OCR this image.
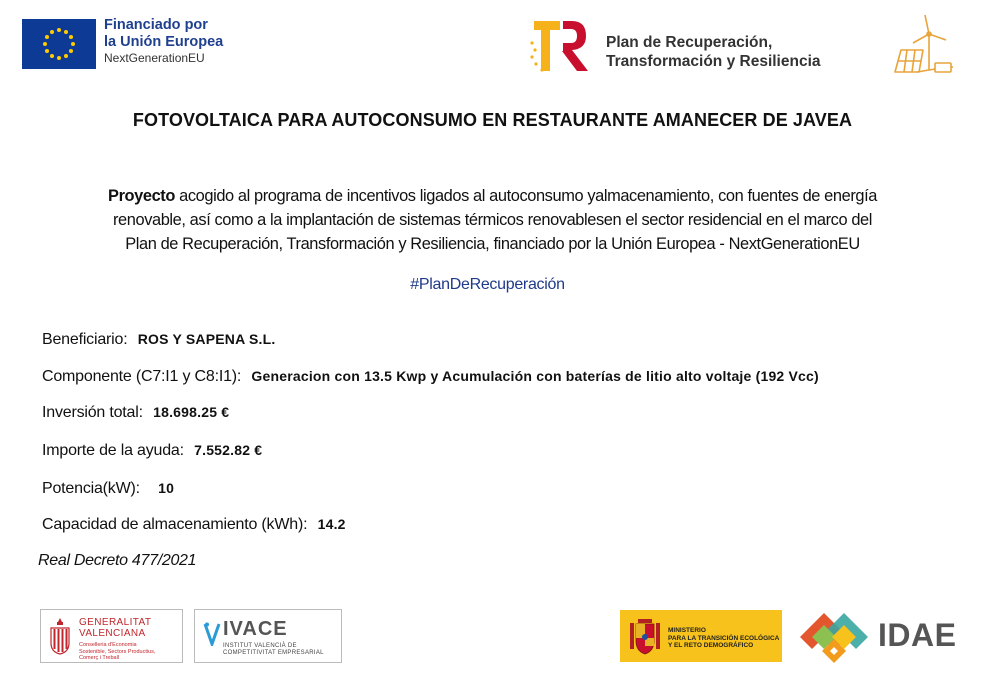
Financiado por
la Unión Europea
NextGenerationEU
Plan de Recuperación,
Transformación y Resiliencia
FOTOVOLTAICA PARA AUTOCONSUMO EN RESTAURANTE AMANECER DE JAVEA
Proyecto acogido al programa de incentivos ligados al autoconsumo yalmacenamiento, con fuentes de energía
renovable, así como a la implantación de sistemas térmicos renovablesen el sector residencial en el marco del
Plan de Recuperación, Transformación y Resiliencia, financiado por la Unión Europea - NextGenerationEU
#PlanDeRecuperación
Beneficiario: ROS Y SAPENA S.L.
Componente (C7:I1 y C8:I1): Generacion con 13.5 Kwp y Acumulación con baterías de litio alto voltaje (192 Vcc)
Inversión total: 18.698.25 €
Importe de la ayuda: 7.552.82 €
Potencia(kW): 10
Capacidad de almacenamiento (kWh): 14.2
Real Decreto 477/2021
GENERALITAT
VALENCIANA
Conselleria d'Economia
Sostenible, Sectors Productius,
Comerç i Treball
IVACE
INSTITUT VALENCIÀ DE
COMPETITIVITAT EMPRESARIAL
MINISTERIO
PARA LA TRANSICIÓN ECOLÓGICA
Y EL RETO DEMOGRÁFICO	IDAE
